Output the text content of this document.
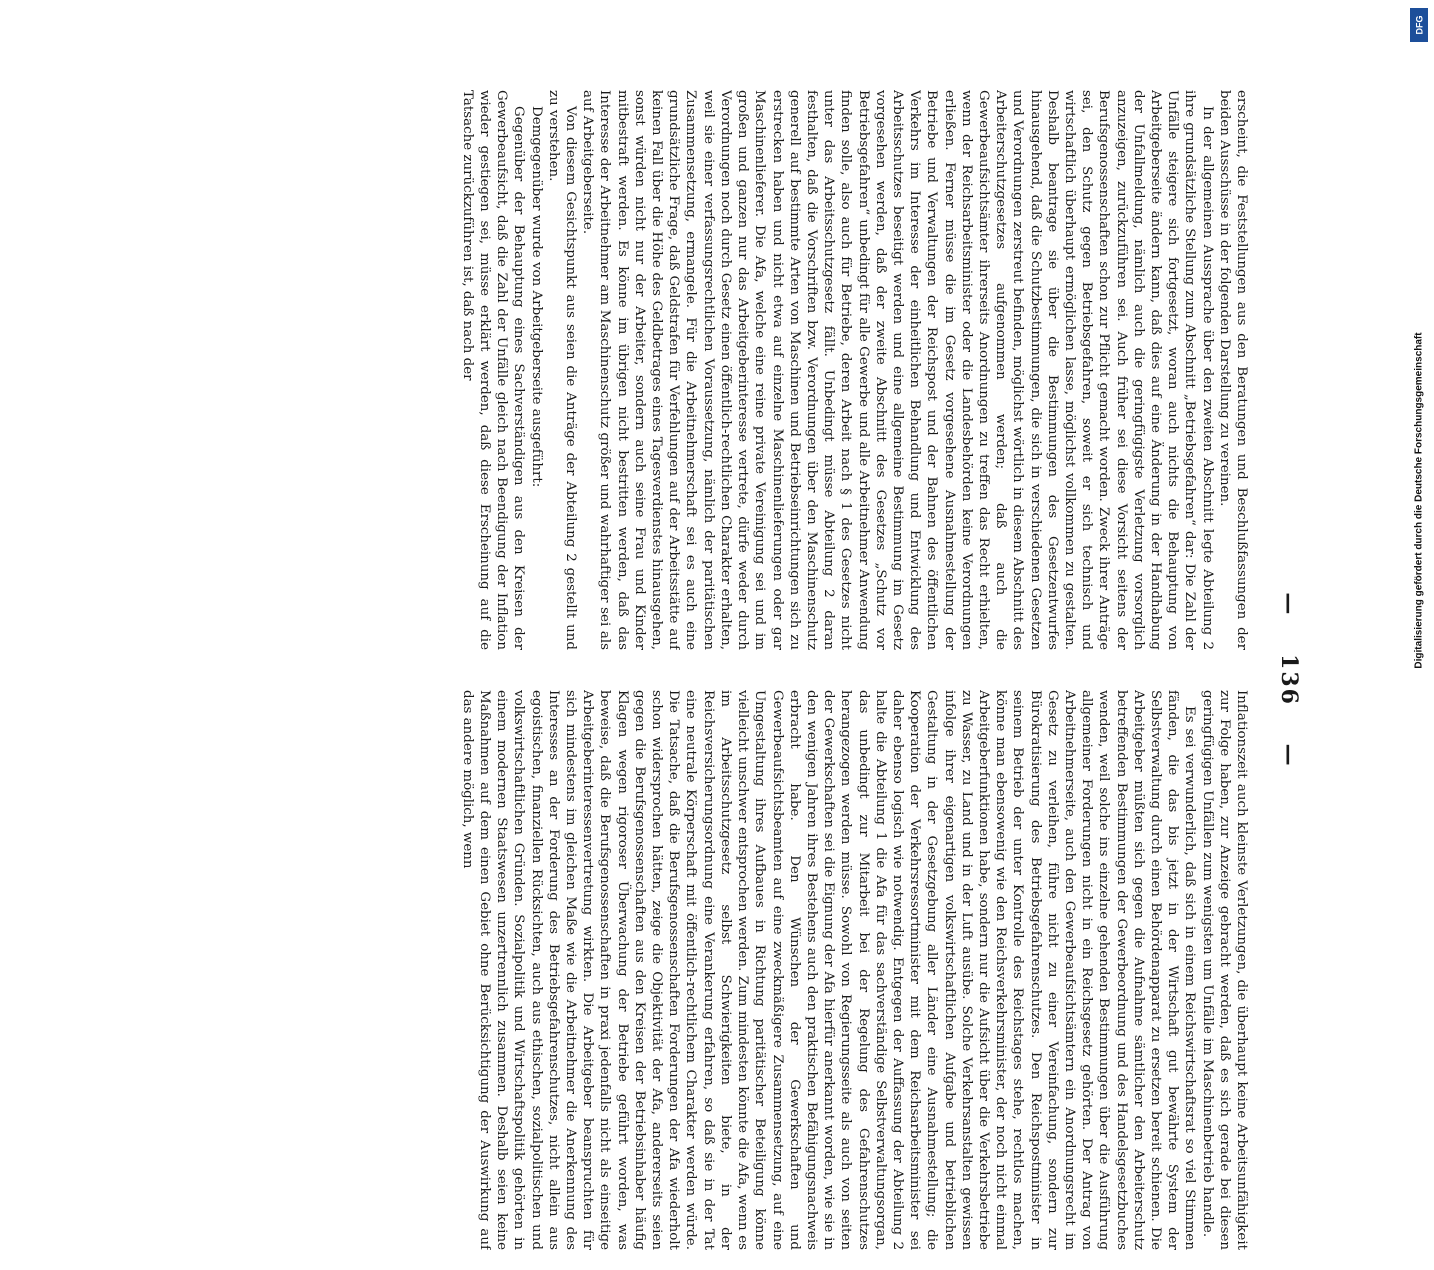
— 136 —

erscheint, die Feststellungen aus den Beratungen und Beschlußfassungen der beiden Ausschüsse in der folgenden Darstellung zu vereinen.

In der allgemeinen Aussprache über den zweiten Abschnitt legte Abteilung 2 ihre grundsätzliche Stellung zum Abschnitt „Betriebsgefahren“ dar: Die Zahl der Unfälle steigere sich fortgesetzt, woran auch nichts die Behauptung von Arbeitgeberseite ändern kann, daß dies auf eine Änderung in der Handhabung der Unfallmeldung, nämlich auch die geringfügigste Verletzung vorsorglich anzuzeigen, zurückzuführen sei. Auch früher sei diese Vorsicht seitens der Berufsgenossenschaften schon zur Pflicht gemacht worden. Zweck ihrer Anträge sei, den Schutz gegen Betriebsgefahren, soweit er sich technisch und wirtschaftlich überhaupt ermöglichen lasse, möglichst vollkommen zu gestalten. Deshalb beantrage sie über die Bestimmungen des Gesetzentwurfes hinausgehend, daß die Schutzbestimmungen, die sich in verschiedenen Gesetzen und Verordnungen zerstreut befinden, möglichst wörtlich in diesem Abschnitt des Arbeiterschutzgesetzes aufgenommen werden; daß auch die Gewerbeaufsichtsämter ihrerseits Anordnungen zu treffen das Recht erhielten, wenn der Reichsarbeitsminister oder die Landesbehörden keine Verordnungen erließen. Ferner müsse die im Gesetz vorgesehene Ausnahmestellung der Betriebe und Verwaltungen der Reichspost und der Bahnen des öffentlichen Verkehrs im Interesse der einheitlichen Behandlung und Entwicklung des Arbeitsschutzes beseitigt werden und eine allgemeine Bestimmung im Gesetz vorgesehen werden, daß der zweite Abschnitt des Gesetzes „Schutz vor Betriebsgefahren“ unbedingt für alle Gewerbe und alle Arbeitnehmer Anwendung finden solle, also auch für Betriebe, deren Arbeit nach § 1 des Gesetzes nicht unter das Arbeitsschutzgesetz fällt. Unbedingt müsse Abteilung 2 daran festhalten, daß die Vorschriften bzw. Verordnungen über den Maschinenschutz generell auf bestimmte Arten von Maschinen und Betriebseinrichtungen sich zu erstrecken haben und nicht etwa auf einzelne Maschinenlieferungen oder gar Maschinenlieferer. Die Afa, welche eine reine private Vereinigung sei und im großen und ganzen nur das Arbeitgeberinteresse vertrete, dürfe weder durch Verordnungen noch durch Gesetz einen öffentlich-rechtlichen Charakter erhalten, weil sie einer verfassungsrechtlichen Voraussetzung, nämlich der paritätischen Zusammensetzung, ermangele. Für die Arbeitnehmerschaft sei es auch eine grundsätzliche Frage, daß Geldstrafen für Verfehlungen auf der Arbeitsstätte auf keinen Fall über die Höhe des Geldbetrages eines Tagesverdienstes hinausgehen, sonst würden nicht nur der Arbeiter, sondern auch seine Frau und Kinder mitbestraft werden. Es könne im übrigen nicht bestritten werden, daß das Interesse der Arbeitnehmer am Maschinenschutz größer und wahrhaftiger sei als auf Arbeitgeberseite.

Von diesem Gesichtspunkt aus seien die Anträge der Abteilung 2 gestellt und zu verstehen.

Demgegenüber wurde von Arbeitgeberseite ausgeführt:

Gegenüber der Behauptung eines Sachverständigen aus den Kreisen der Gewerbeaufsicht, daß die Zahl der Unfälle gleich nach Beendigung der Inflation wieder gestiegen sei, müsse erklärt werden, daß diese Erscheinung auf die Tatsache zurückzuführen ist, daß nach der

Inflationszeit auch kleinste Verletzungen, die überhaupt keine Arbeitsunfähigkeit zur Folge haben, zur Anzeige gebracht werden, daß es sich gerade bei diesen geringfügigen Unfällen zum wenigsten um Unfälle im Maschinenbetrieb handle.

Es sei verwunderlich, daß sich in einem Reichswirtschaftsrat so viel Stimmen fänden, die das bis jetzt in der Wirtschaft gut bewährte System der Selbstverwaltung durch einen Behördenapparat zu ersetzen bereit schienen. Die Arbeitgeber müßten sich gegen die Aufnahme sämtlicher den Arbeiterschutz betreffenden Bestimmungen der Gewerbeordnung und des Handelsgesetzbuches wenden, weil solche ins einzelne gehenden Bestimmungen über die Ausführung allgemeiner Forderungen nicht in ein Reichsgesetz gehörten. Der Antrag von Arbeitnehmerseite, auch den Gewerbeaufsichtsämtern ein Anordnungsrecht im Gesetz zu verleihen, führe nicht zu einer Vereinfachung, sondern zur Bürokratisierung des Betriebsgefahrenschutzes. Den Reichspostminister in seinem Betrieb der unter Kontrolle des Reichstages stehe, rechtlos machen, könne man ebensowenig wie den Reichsverkehrsminister, der noch nicht einmal Arbeitgeberfunktionen habe, sondern nur die Aufsicht über die Verkehrsbetriebe zu Wasser, zu Land und in der Luft ausübe. Solche Verkehrsanstalten gewissen infolge ihrer eigenartigen volkswirtschaftlichen Aufgabe und betrieblichen Gestaltung in der Gesetzgebung aller Länder eine Ausnahmestellung; die Kooperation der Verkehrsressortminister mit dem Reichsarbeitsminister sei daher ebenso logisch wie notwendig. Entgegen der Auffassung der Abteilung 2 halte die Abteilung 1 die Afa für das sachverständige Selbstverwaltungsorgan, das unbedingt zur Mitarbeit bei der Regelung des Gefahrenschutzes herangezogen werden müsse. Sowohl von Regierungsseite als auch von seiten der Gewerkschaften sei die Eignung der Afa hierfür anerkannt worden, wie sie in den wenigen Jahren ihres Bestehens auch den praktischen Befähigungsnachweis erbracht habe. Den Wünschen der Gewerkschaften und Gewerbeaufsichtsbeamten auf eine zweckmäßigere Zusammensetzung, auf eine Umgestaltung ihres Aufbaues in Richtung paritätischer Beteiligung könne vielleicht unschwer entsprochen werden. Zum mindesten könnte die Afa, wenn es im Arbeitsschutzgesetz selbst Schwierigkeiten biete, in der Reichsversicherungsordnung eine Verankerung erfahren, so daß sie in der Tat eine neutrale Körperschaft mit öffentlich-rechtlichem Charakter werden würde. Die Tatsache, daß die Berufsgenossenschaften Forderungen der Afa wiederholt schon widersprochen hätten, zeige die Objektivität der Afa, andererseits seien gegen die Berufsgenossenschaften aus den Kreisen der Betriebsinhaber häufig Klagen wegen rigoroser Überwachung der Betriebe geführt worden, was beweise, daß die Berufsgenossenschaften in praxi jedenfalls nicht als einseitige Arbeitgeberinteressenvertretung wirkten. Die Arbeitgeber beanspruchten für sich mindestens im gleichen Maße wie die Arbeitnehmer die Anerkennung des Interesses an der Forderung des Betriebsgefahrenschutzes, nicht allein aus egoistischen, finanziellen Rücksichten, auch aus ethischen, sozialpolitischen und volkswirtschaftlichen Gründen. Sozialpolitik und Wirtschaftspolitik gehörten in einem modernen Staatswesen unzertrennlich zusammen. Deshalb seien keine Maßnahmen auf dem einen Gebiet ohne Berücksichtigung der Auswirkung auf das andere möglich, wenn

Digitalisierung gefördert durch die Deutsche Forschungsgemeinschaft
DFG
